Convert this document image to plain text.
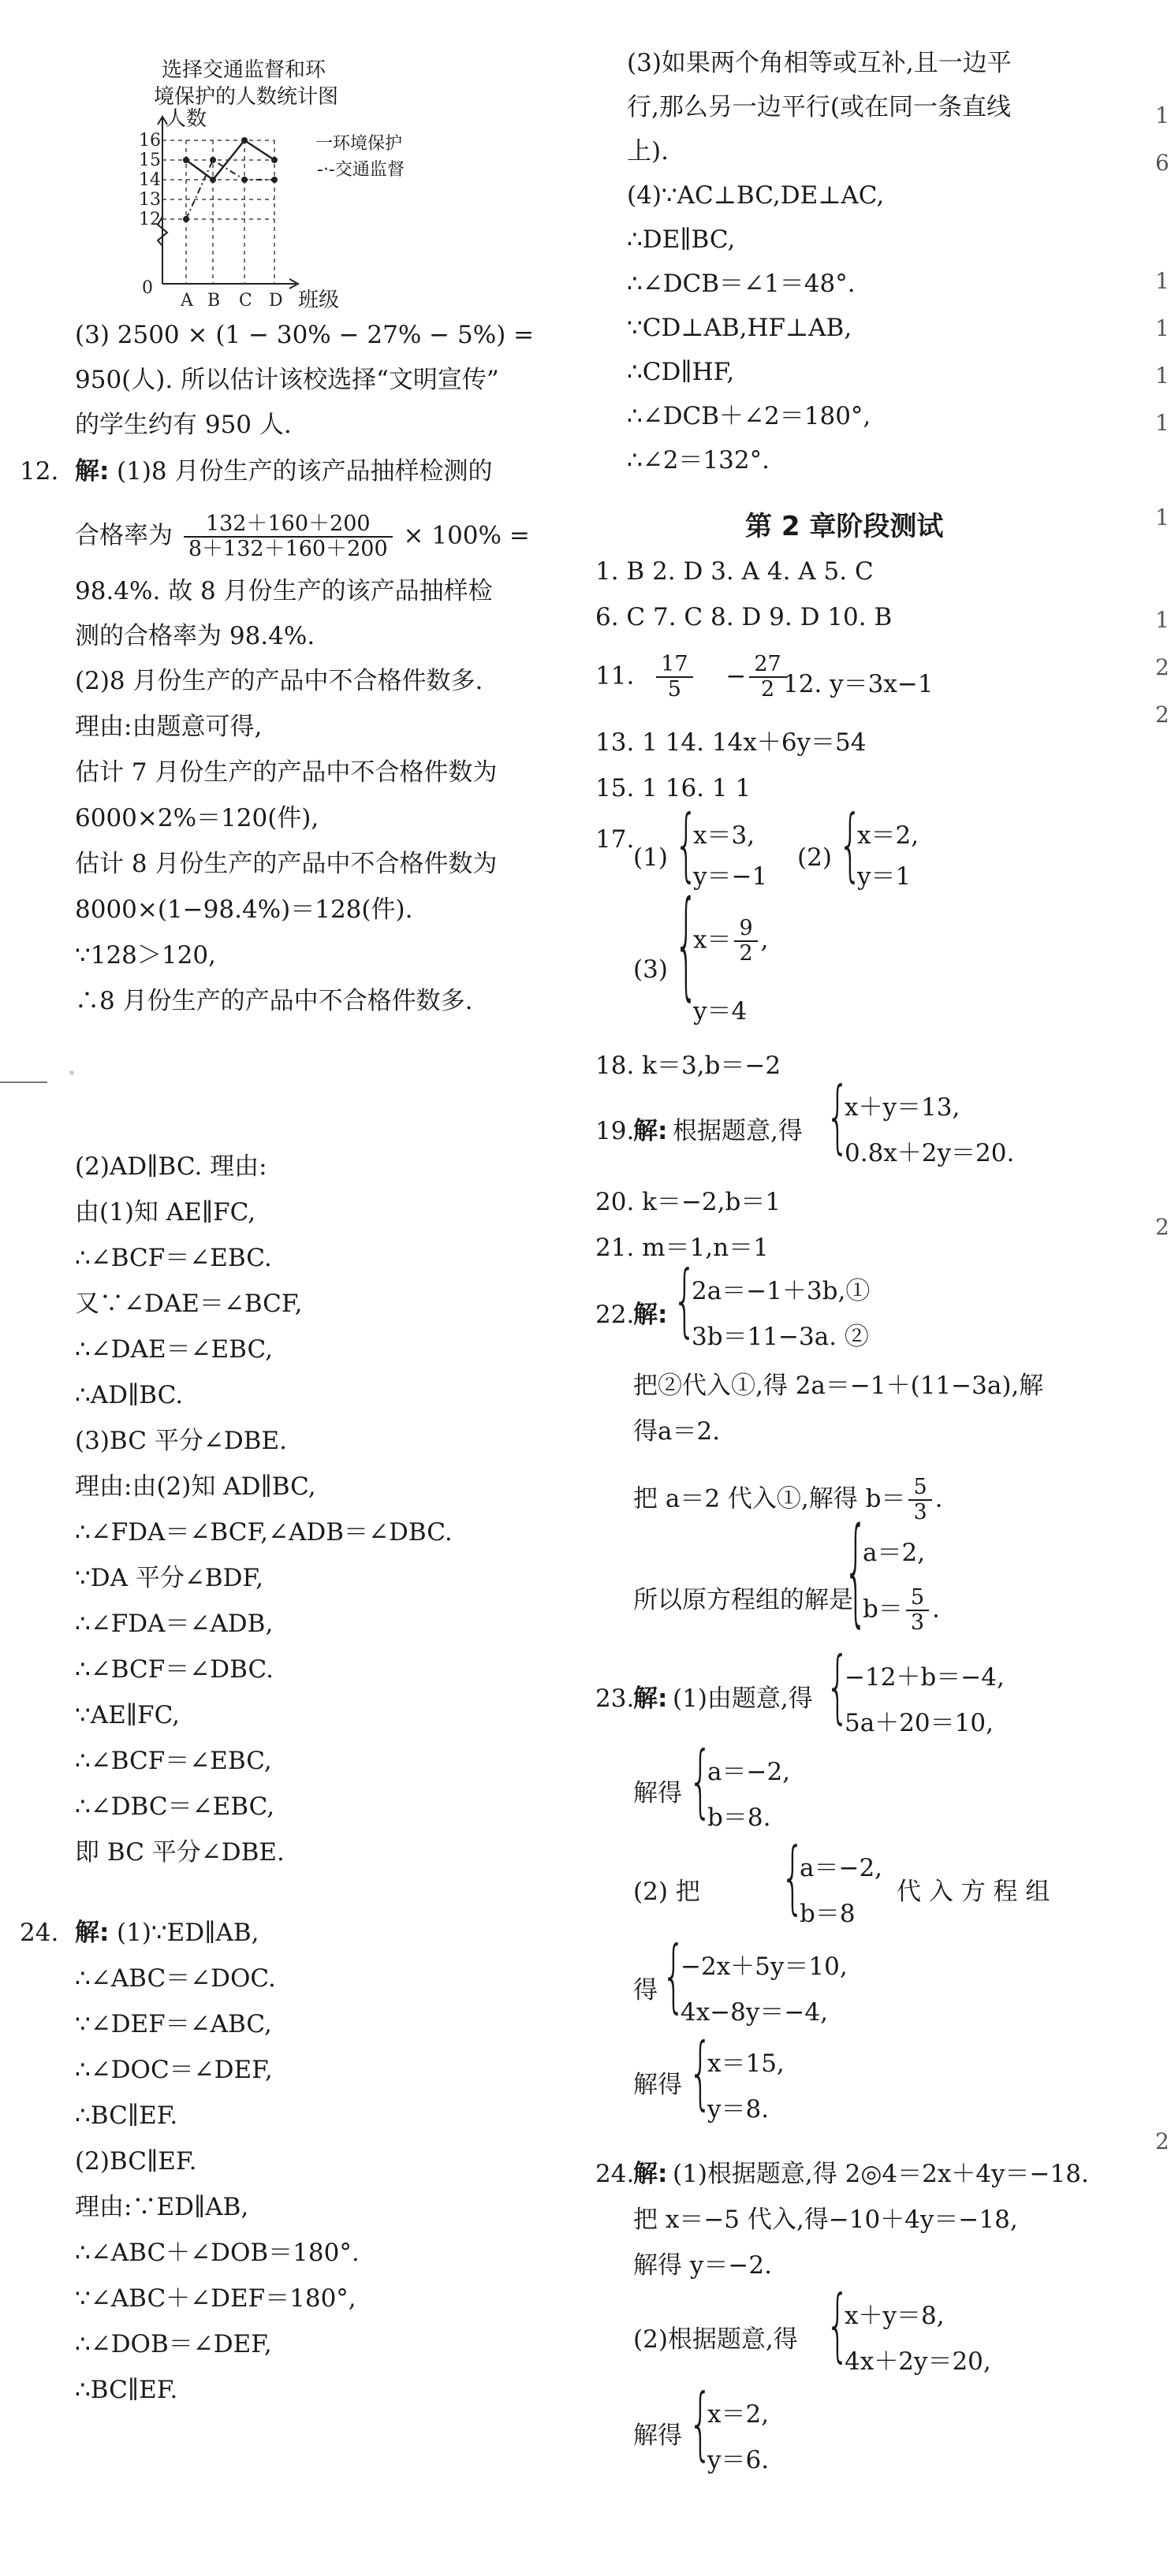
选择交通监督和环
境保护的人数统计图
16
15
14
13
12
0
A B C D
人数
班级
一环境保护
-·-交通监督
(3) 2500 × (1 − 30% − 27% − 5%) =
950(人). 所以估计该校选择“文明宣传”
的学生约有 950 人.
12. 解: (1)8 月份生产的该产品抽样检测的
合格率为 $\frac{132+160+200}{8+132+160+200} \times 100\%$ =
98.4%. 故 8 月份生产的该产品抽样检
测的合格率为 98.4%.
(2)8 月份生产的产品中不合格件数多.
理由:由题意可得,
估计 7 月份生产的产品中不合格件数为
6000×2%＝120(件),
估计 8 月份生产的产品中不合格件数为
8000×(1−98.4%)＝128(件).
∵128＞120,
∴8 月份生产的产品中不合格件数多.
(2)AD∥BC. 理由:
由(1)知 AE∥FC,
∴∠BCF＝∠EBC.
又∵∠DAE＝∠BCF,
∴∠DAE＝∠EBC,
∴AD∥BC.
(3)BC 平分∠DBE.
理由:由(2)知 AD∥BC,
∴∠FDA＝∠BCF,∠ADB＝∠DBC.
∵DA 平分∠BDF,
∴∠FDA＝∠ADB,
∴∠BCF＝∠DBC.
∵AE∥FC,
∴∠BCF＝∠EBC,
∴∠DBC＝∠EBC,
即 BC 平分∠DBE.
24. 解: (1)∵ED∥AB,
∴∠ABC＝∠DOC.
∵∠DEF＝∠ABC,
∴∠DOC＝∠DEF,
∴BC∥EF.
(2)BC∥EF.
理由:∵ED∥AB,
∴∠ABC＋∠DOB＝180°.
∵∠ABC＋∠DEF＝180°,
∴∠DOB＝∠DEF,
∴BC∥EF.
(3)如果两个角相等或互补,且一边平
行,那么另一边平行(或在同一条直线
上).
(4)∵AC⊥BC,DE⊥AC,
∴DE∥BC,
∴∠DCB＝∠1＝48°.
∵CD⊥AB,HF⊥AB,
∴CD∥HF,
∴∠DCB＋∠2＝180°,
∴∠2＝132°.
第 2 章阶段测试
1. B 2. D 3. A 4. A 5. C
6. C 7. C 8. D 9. D 10. B
11. $\frac{17}{5} - \frac{27}{2}$
12. y＝3x−1
13. 1 14. 14x＋6y＝54
15. 1 16. 1 1
17.
(1) {
x＝3,
y＝−1
(2) {
x＝2,
y＝1
(3) {
$x= \frac{9}{2}$ ,
y＝4
18. k＝3,b＝−2
19.
解: 根据题意,得 {
x＋y＝13,
0.8x＋2y＝20.
20. k＝−2,b＝1
21. m＝1,n＝1
22.
解: {
2a＝−1＋3b,①
3b＝11−3a. ②
把②代入①,得 2a＝−1＋(11−3a),解
得a＝2.
把 a＝2 代入①,解得 $b= \frac{5}{3}$ .
所以原方程组的解是
{
a＝2,
$b= \frac{5}{3}$ .
23.
解: (1)由题意,得 {
−12＋b＝−4,
5a＋20＝10,
解得 {
a＝−2,
b＝8.
(2) 把 {
a＝−2,
b＝8
代 入 方 程 组
得 {
−2x＋5y＝10,
4x−8y＝−4,
解得 {
x＝15,
y＝8.
24.
解: (1)根据题意,得 2◎4＝2x＋4y＝−18.
把 x＝−5 代入,得−10＋4y＝−18,
解得 y＝−2.
(2)根据题意,得 {
x＋y＝8,
4x＋2y＝20,
解得 {
x＝2,
y＝6.
1
6
1
1
1
1
1
1
2
2
2
2
